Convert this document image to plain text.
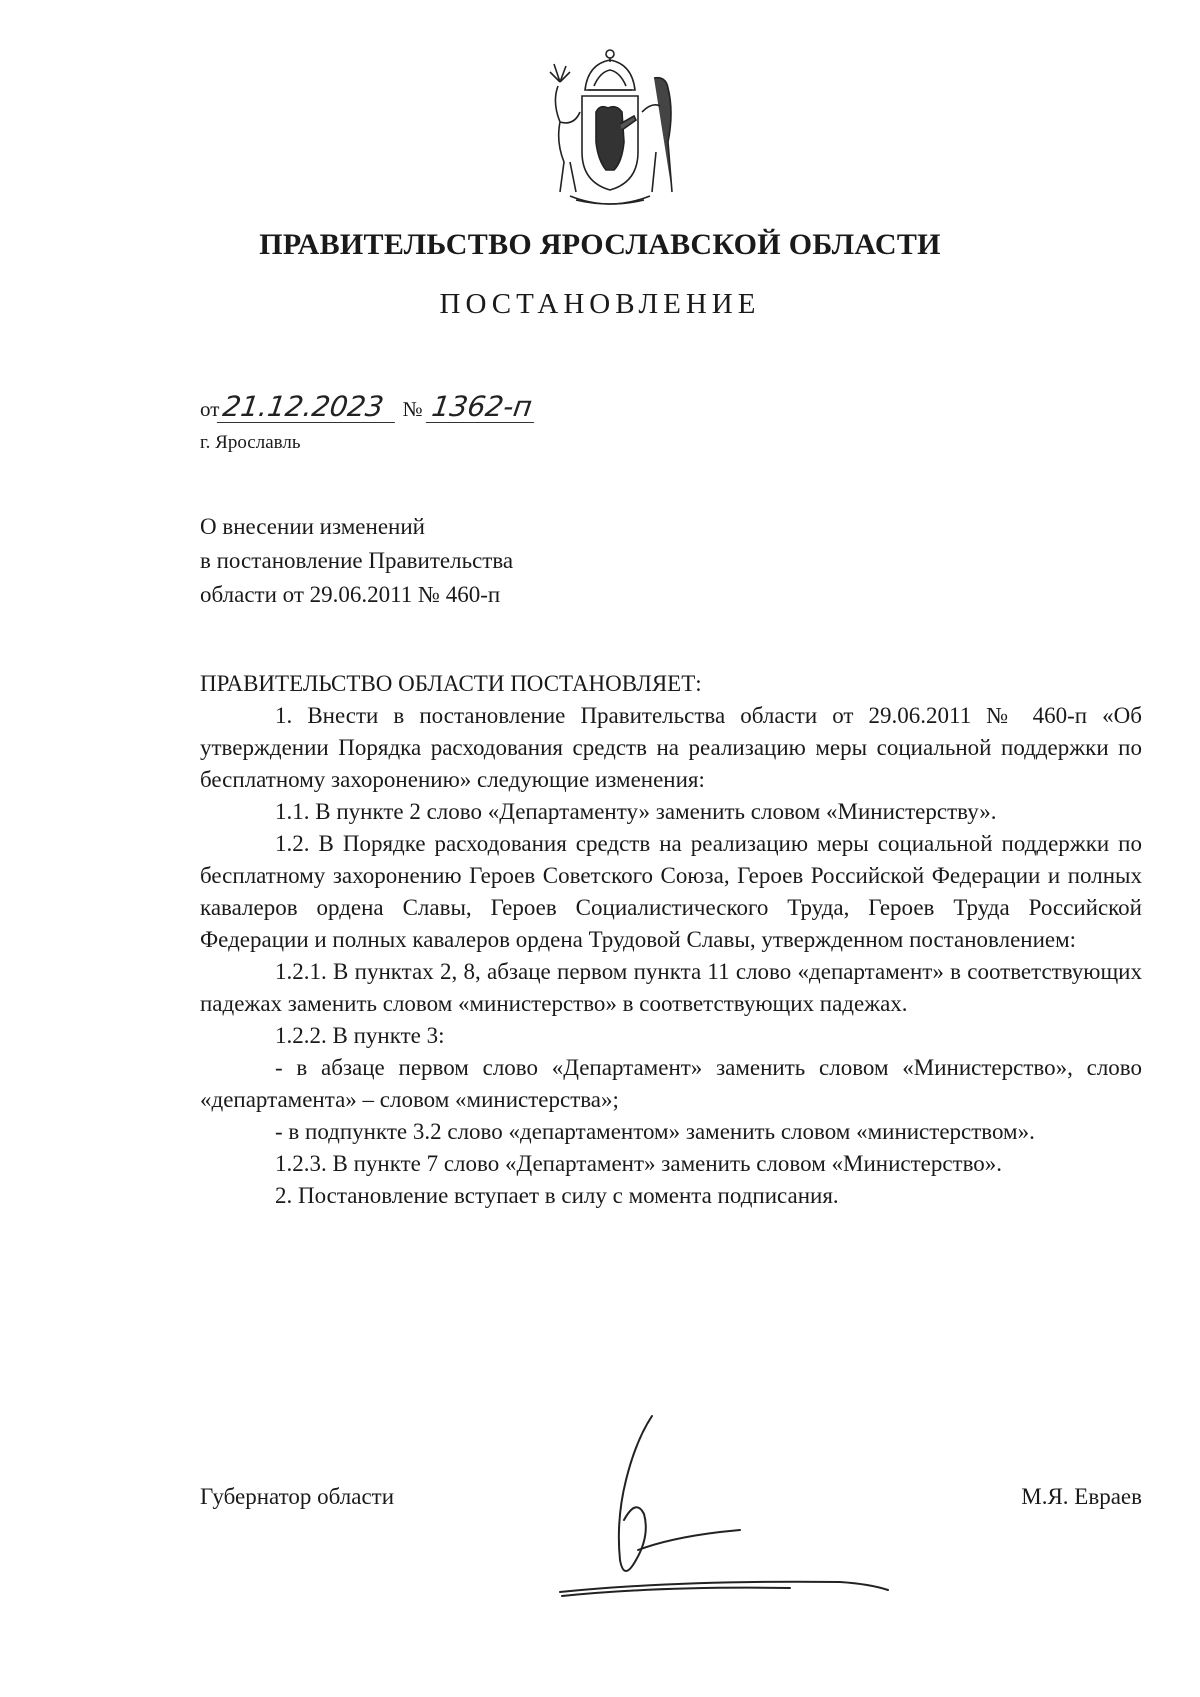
ПРАВИТЕЛЬСТВО ЯРОСЛАВСКОЙ ОБЛАСТИ
ПОСТАНОВЛЕНИЕ
от21.12.2023 № 1362-п
г. Ярославль
О внесении изменений
в постановление Правительства
области от 29.06.2011 № 460-п

ПРАВИТЕЛЬСТВО ОБЛАСТИ ПОСТАНОВЛЯЕТ:

1. Внести в постановление Правительства области от 29.06.2011 № 460-п «Об утверждении Порядка расходования средств на реализацию меры социальной поддержки по бесплатному захоронению» следующие изменения:

1.1. В пункте 2 слово «Департаменту» заменить словом «Министерству».

1.2. В Порядке расходования средств на реализацию меры социальной поддержки по бесплатному захоронению Героев Советского Союза, Героев Российской Федерации и полных кавалеров ордена Славы, Героев Социалистического Труда, Героев Труда Российской Федерации и полных кавалеров ордена Трудовой Славы, утвержденном постановлением:

1.2.1. В пунктах 2, 8, абзаце первом пункта 11 слово «департамент» в соответствующих падежах заменить словом «министерство» в соответствующих падежах.

1.2.2. В пункте 3:

- в абзаце первом слово «Департамент» заменить словом «Министерство», слово «департамента» – словом «министерства»;

- в подпункте 3.2 слово «департаментом» заменить словом «министерством».

1.2.3. В пункте 7 слово «Департамент» заменить словом «Министерство».

2. Постановление вступает в силу с момента подписания.

Губернатор области	М.Я. Евраев
